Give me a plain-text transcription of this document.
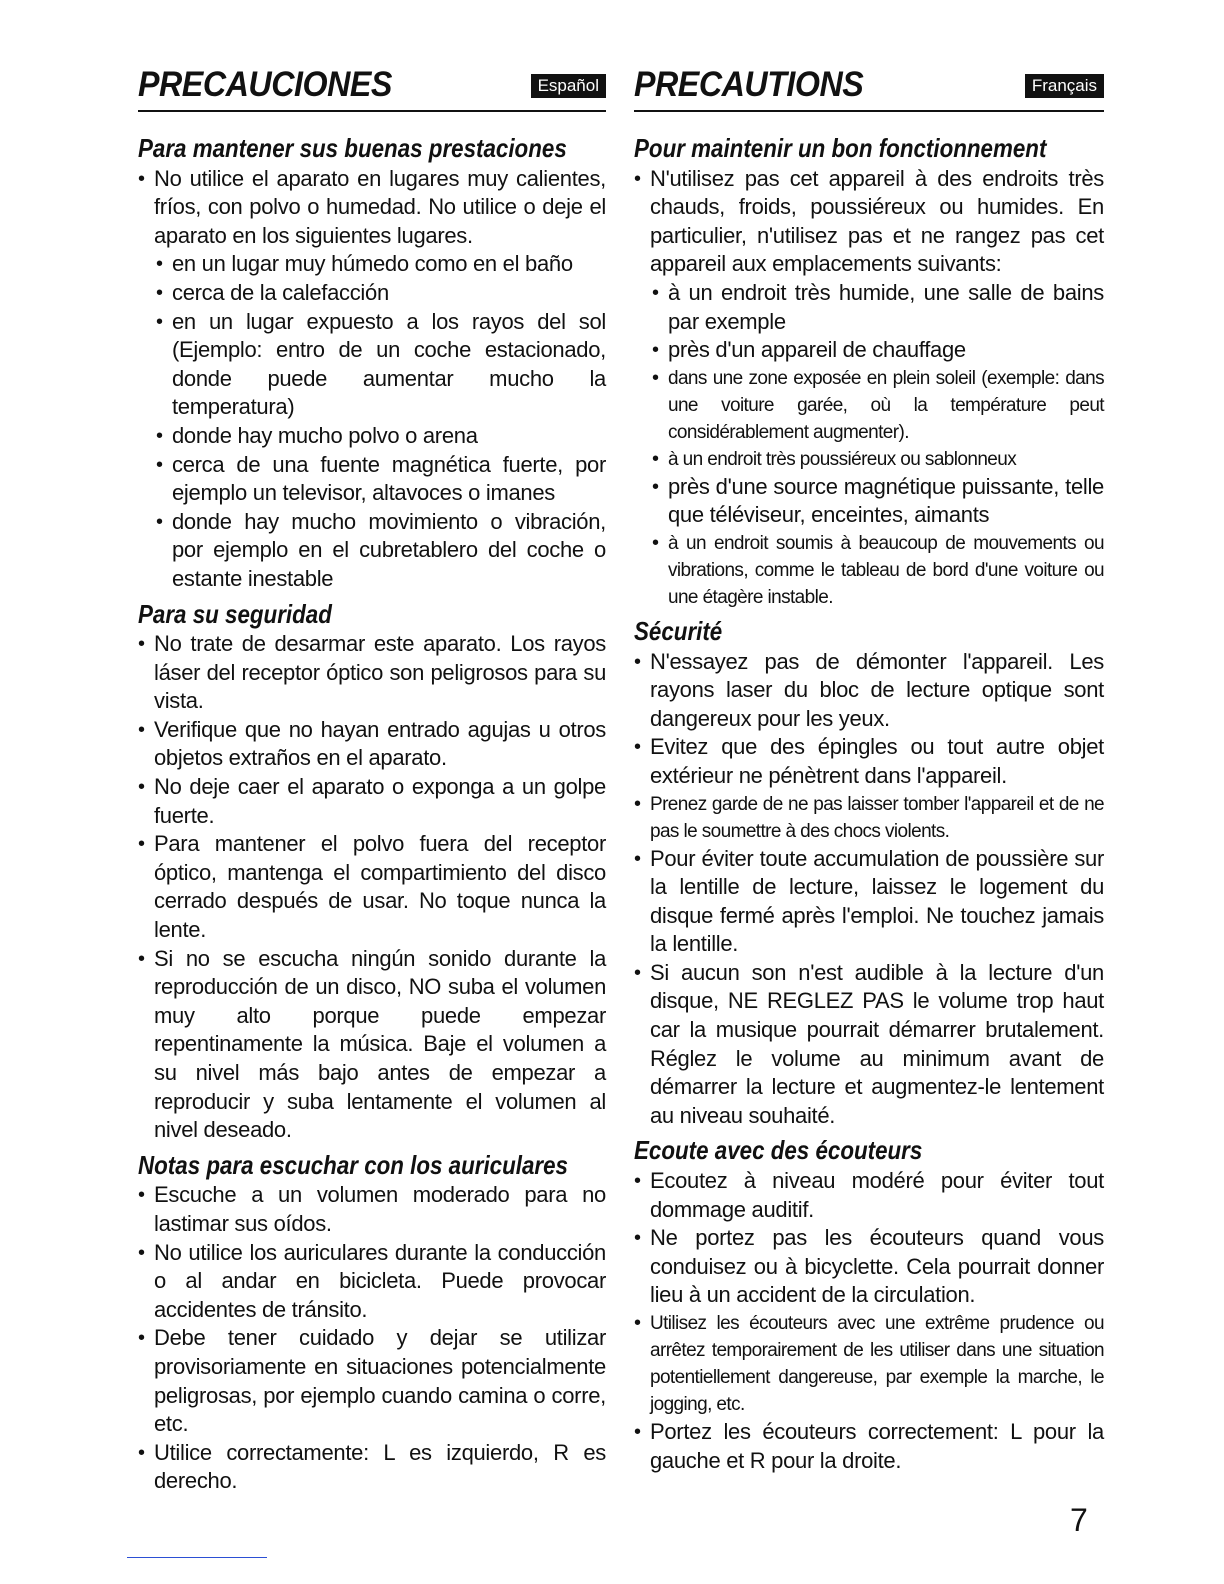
PRECAUCIONES	Español
Para mantener sus buenas prestaciones
• No utilice el aparato en lugares muy calientes, fríos, con polvo o humedad. No utilice o deje el aparato en los siguientes lugares.
• en un lugar muy húmedo como en el baño
• cerca de la calefacción
• en un lugar expuesto a los rayos del sol (Ejemplo: entro de un coche estacionado, donde puede aumentar mucho la temperatura)
• donde hay mucho polvo o arena
• cerca de una fuente magnética fuerte, por ejemplo un televisor, altavoces o imanes
• donde hay mucho movimiento o vibración, por ejemplo en el cubretablero del coche o estante inestable
Para su seguridad
• No trate de desarmar este aparato. Los rayos láser del receptor óptico son peligrosos para su vista.
• Verifique que no hayan entrado agujas u otros objetos extraños en el aparato.
• No deje caer el aparato o exponga a un golpe fuerte.
• Para mantener el polvo fuera del receptor óptico, mantenga el compartimiento del disco cerrado después de usar. No toque nunca la lente.
• Si no se escucha ningún sonido durante la reproducción de un disco, NO suba el volumen muy alto porque puede empezar repentinamente la música. Baje el volumen a su nivel más bajo antes de empezar a reproducir y suba lentamente el volumen al nivel deseado.
Notas para escuchar con los auriculares
• Escuche a un volumen moderado para no lastimar sus oídos.
• No utilice los auriculares durante la conducción o al andar en bicicleta. Puede provocar accidentes de tránsito.
• Debe tener cuidado y dejar se utilizar provisoriamente en situaciones potencialmente peligrosas, por ejemplo cuando camina o corre, etc.
• Utilice correctamente: L es izquierdo, R es derecho.
PRECAUTIONS	Français
Pour maintenir un bon fonctionnement
• N'utilisez pas cet appareil à des endroits très chauds, froids, poussiéreux ou humides. En particulier, n'utilisez pas et ne rangez pas cet appareil aux emplacements suivants:
• à un endroit très humide, une salle de bains par exemple
• près d'un appareil de chauffage
• dans une zone exposée en plein soleil (exemple: dans une voiture garée, où la température peut considérablement augmenter).
• à un endroit très poussiéreux ou sablonneux
• près d'une source magnétique puissante, telle que téléviseur, enceintes, aimants
• à un endroit soumis à beaucoup de mouvements ou vibrations, comme le tableau de bord d'une voiture ou une étagère instable.
Sécurité
• N'essayez pas de démonter l'appareil. Les rayons laser du bloc de lecture optique sont dangereux pour les yeux.
• Evitez que des épingles ou tout autre objet extérieur ne pénètrent dans l'appareil.
• Prenez garde de ne pas laisser tomber l'appareil et de ne pas le soumettre à des chocs violents.
• Pour éviter toute accumulation de poussière sur la lentille de lecture, laissez le logement du disque fermé après l'emploi. Ne touchez jamais la lentille.
• Si aucun son n'est audible à la lecture d'un disque, NE REGLEZ PAS le volume trop haut car la musique pourrait démarrer brutalement. Réglez le volume au minimum avant de démarrer la lecture et augmentez-le lentement au niveau souhaité.
Ecoute avec des écouteurs
• Ecoutez à niveau modéré pour éviter tout dommage auditif.
• Ne portez pas les écouteurs quand vous conduisez ou à bicyclette. Cela pourrait donner lieu à un accident de la circulation.
• Utilisez les écouteurs avec une extrême prudence ou arrêtez temporairement de les utiliser dans une situation potentiellement dangereuse, par exemple la marche, le jogging, etc.
• Portez les écouteurs correctement: L pour la gauche et R pour la droite.
7
